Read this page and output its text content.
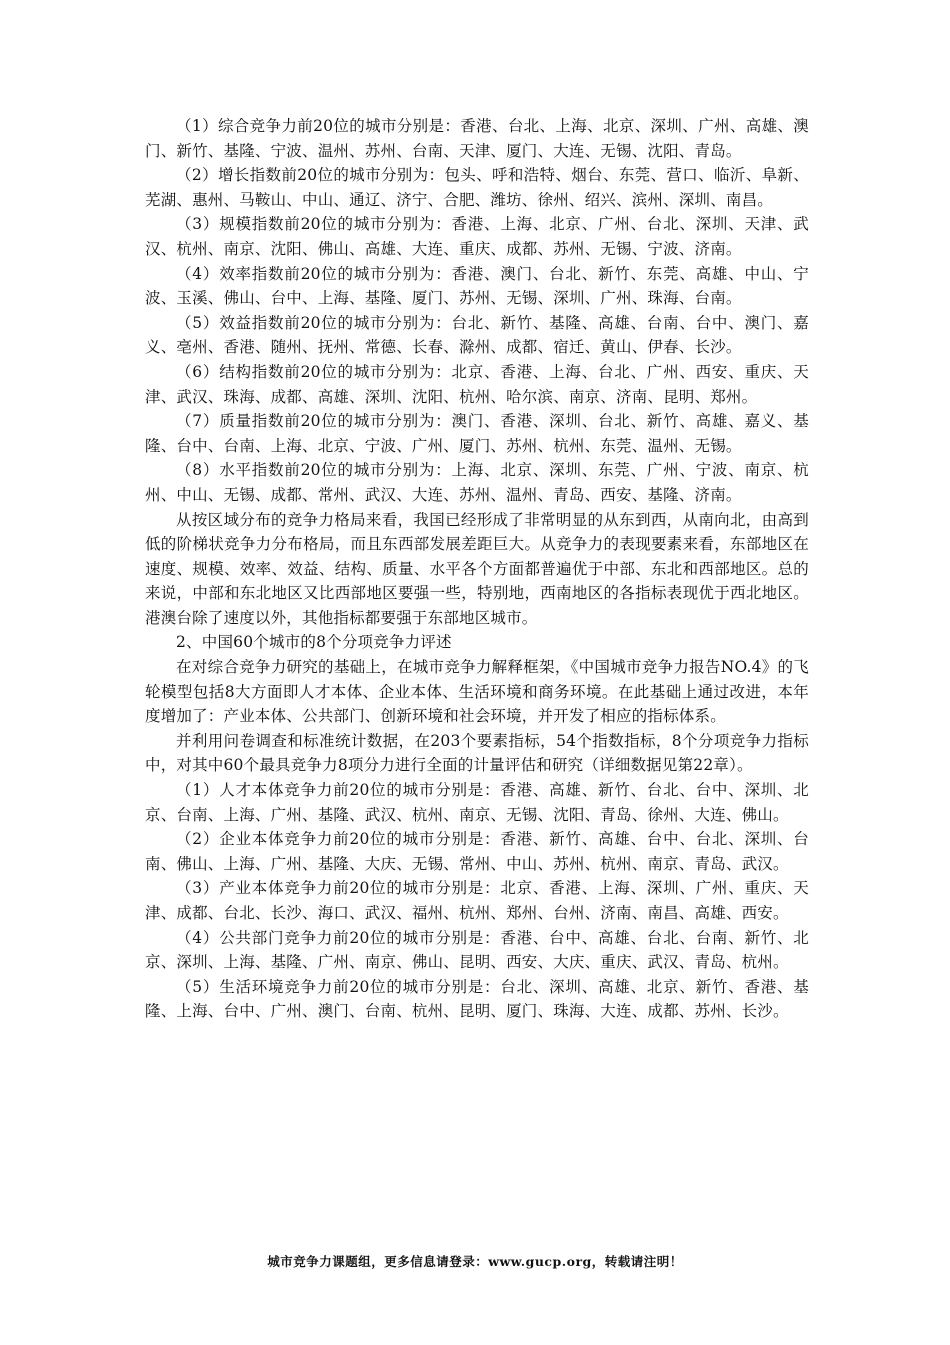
（1）综合竞争力前20位的城市分别是：香港、台北、上海、北京、深圳、广州、高雄、澳门、新竹、基隆、宁波、温州、苏州、台南、天津、厦门、大连、无锡、沈阳、青岛。

（2）增长指数前20位的城市分别为：包头、呼和浩特、烟台、东莞、营口、临沂、阜新、芜湖、惠州、马鞍山、中山、通辽、济宁、合肥、潍坊、徐州、绍兴、滨州、深圳、南昌。

（3）规模指数前20位的城市分别为：香港、上海、北京、广州、台北、深圳、天津、武汉、杭州、南京、沈阳、佛山、高雄、大连、重庆、成都、苏州、无锡、宁波、济南。

（4）效率指数前20位的城市分别为：香港、澳门、台北、新竹、东莞、高雄、中山、宁波、玉溪、佛山、台中、上海、基隆、厦门、苏州、无锡、深圳、广州、珠海、台南。

（5）效益指数前20位的城市分别为：台北、新竹、基隆、高雄、台南、台中、澳门、嘉义、亳州、香港、随州、抚州、常德、长春、滁州、成都、宿迁、黄山、伊春、长沙。

（6）结构指数前20位的城市分别为：北京、香港、上海、台北、广州、西安、重庆、天津、武汉、珠海、成都、高雄、深圳、沈阳、杭州、哈尔滨、南京、济南、昆明、郑州。

（7）质量指数前20位的城市分别为：澳门、香港、深圳、台北、新竹、高雄、嘉义、基隆、台中、台南、上海、北京、宁波、广州、厦门、苏州、杭州、东莞、温州、无锡。

（8）水平指数前20位的城市分别为：上海、北京、深圳、东莞、广州、宁波、南京、杭州、中山、无锡、成都、常州、武汉、大连、苏州、温州、青岛、西安、基隆、济南。

从按区域分布的竞争力格局来看，我国已经形成了非常明显的从东到西，从南向北，由高到低的阶梯状竞争力分布格局，而且东西部发展差距巨大。从竞争力的表现要素来看，东部地区在速度、规模、效率、效益、结构、质量、水平各个方面都普遍优于中部、东北和西部地区。总的来说，中部和东北地区又比西部地区要强一些，特别地，西南地区的各指标表现优于西北地区。港澳台除了速度以外，其他指标都要强于东部地区城市。

2、中国60个城市的8个分项竞争力评述

在对综合竞争力研究的基础上，在城市竞争力解释框架，《中国城市竞争力报告NO.4》的飞轮模型包括8大方面即人才本体、企业本体、生活环境和商务环境。在此基础上通过改进，本年度增加了：产业本体、公共部门、创新环境和社会环境，并开发了相应的指标体系。

并利用问卷调查和标准统计数据，在203个要素指标，54个指数指标，8个分项竞争力指标中，对其中60个最具竞争力8项分力进行全面的计量评估和研究（详细数据见第22章）。

（1）人才本体竞争力前20位的城市分别是：香港、高雄、新竹、台北、台中、深圳、北京、台南、上海、广州、基隆、武汉、杭州、南京、无锡、沈阳、青岛、徐州、大连、佛山。

（2）企业本体竞争力前20位的城市分别是：香港、新竹、高雄、台中、台北、深圳、台南、佛山、上海、广州、基隆、大庆、无锡、常州、中山、苏州、杭州、南京、青岛、武汉。

（3）产业本体竞争力前20位的城市分别是：北京、香港、上海、深圳、广州、重庆、天津、成都、台北、长沙、海口、武汉、福州、杭州、郑州、台州、济南、南昌、高雄、西安。

（4）公共部门竞争力前20位的城市分别是：香港、台中、高雄、台北、台南、新竹、北京、深圳、上海、基隆、广州、南京、佛山、昆明、西安、大庆、重庆、武汉、青岛、杭州。

（5）生活环境竞争力前20位的城市分别是：台北、深圳、高雄、北京、新竹、香港、基隆、上海、台中、广州、澳门、台南、杭州、昆明、厦门、珠海、大连、成都、苏州、长沙。

城市竞争力课题组，更多信息请登录：www.gucp.org，转载请注明！
